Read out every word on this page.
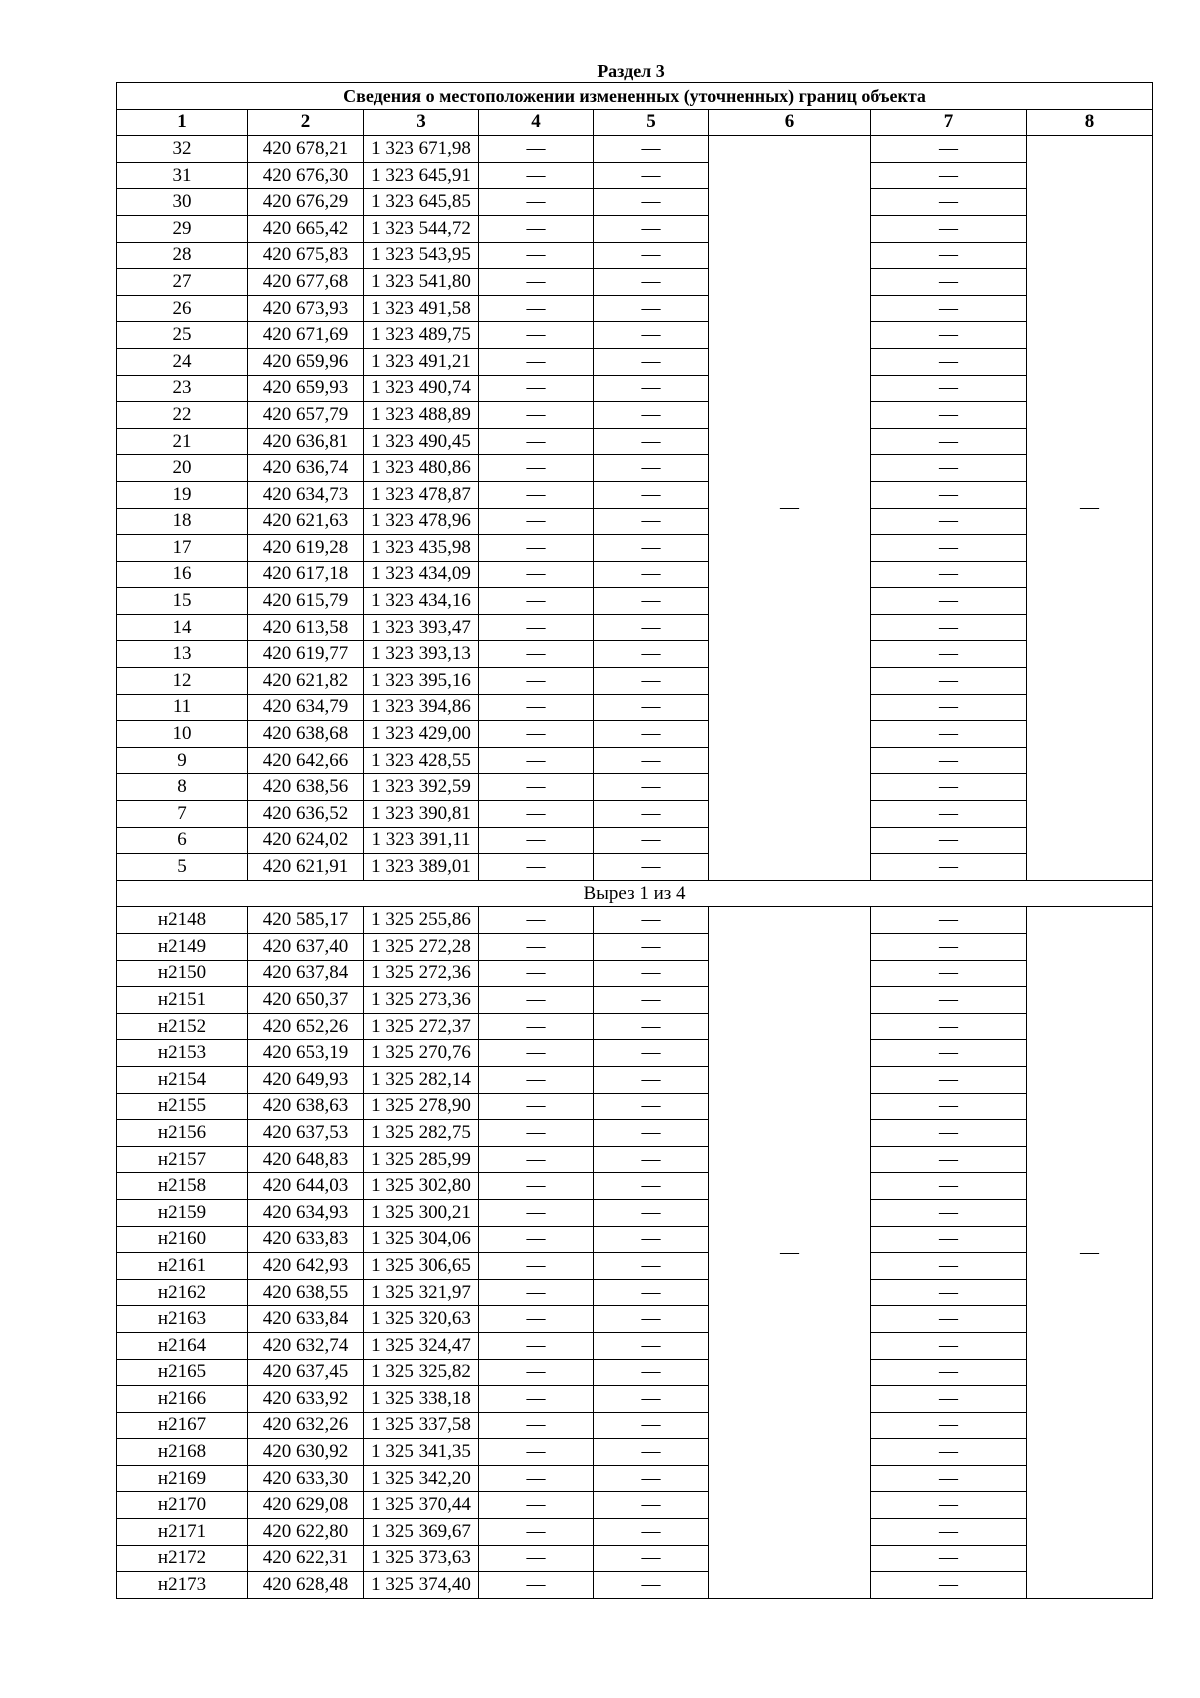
Раздел 3
Сведения о местоположении измененных (уточненных) границ объекта							
1	2	3	4	5	6	7	8
32	420 678,21	1 323 671,98	—	—	—	—	—
31	420 676,30	1 323 645,91	—	—		—	
30	420 676,29	1 323 645,85	—	—		—	
29	420 665,42	1 323 544,72	—	—		—	
28	420 675,83	1 323 543,95	—	—		—	
27	420 677,68	1 323 541,80	—	—		—	
26	420 673,93	1 323 491,58	—	—		—	
25	420 671,69	1 323 489,75	—	—		—	
24	420 659,96	1 323 491,21	—	—		—	
23	420 659,93	1 323 490,74	—	—		—	
22	420 657,79	1 323 488,89	—	—		—	
21	420 636,81	1 323 490,45	—	—		—	
20	420 636,74	1 323 480,86	—	—		—	
19	420 634,73	1 323 478,87	—	—		—	
18	420 621,63	1 323 478,96	—	—		—	
17	420 619,28	1 323 435,98	—	—		—	
16	420 617,18	1 323 434,09	—	—		—	
15	420 615,79	1 323 434,16	—	—		—	
14	420 613,58	1 323 393,47	—	—		—	
13	420 619,77	1 323 393,13	—	—		—	
12	420 621,82	1 323 395,16	—	—		—	
11	420 634,79	1 323 394,86	—	—		—	
10	420 638,68	1 323 429,00	—	—		—	
9	420 642,66	1 323 428,55	—	—		—	
8	420 638,56	1 323 392,59	—	—		—	
7	420 636,52	1 323 390,81	—	—		—	
6	420 624,02	1 323 391,11	—	—		—	
5	420 621,91	1 323 389,01	—	—		—	
Вырез 1 из 4							
н2148	420 585,17	1 325 255,86	—	—	—	—	—
н2149	420 637,40	1 325 272,28	—	—		—	
н2150	420 637,84	1 325 272,36	—	—		—	
н2151	420 650,37	1 325 273,36	—	—		—	
н2152	420 652,26	1 325 272,37	—	—		—	
н2153	420 653,19	1 325 270,76	—	—		—	
н2154	420 649,93	1 325 282,14	—	—		—	
н2155	420 638,63	1 325 278,90	—	—		—	
н2156	420 637,53	1 325 282,75	—	—		—	
н2157	420 648,83	1 325 285,99	—	—		—	
н2158	420 644,03	1 325 302,80	—	—		—	
н2159	420 634,93	1 325 300,21	—	—		—	
н2160	420 633,83	1 325 304,06	—	—		—	
н2161	420 642,93	1 325 306,65	—	—		—	
н2162	420 638,55	1 325 321,97	—	—		—	
н2163	420 633,84	1 325 320,63	—	—		—	
н2164	420 632,74	1 325 324,47	—	—		—	
н2165	420 637,45	1 325 325,82	—	—		—	
н2166	420 633,92	1 325 338,18	—	—		—	
н2167	420 632,26	1 325 337,58	—	—		—	
н2168	420 630,92	1 325 341,35	—	—		—	
н2169	420 633,30	1 325 342,20	—	—		—	
н2170	420 629,08	1 325 370,44	—	—		—	
н2171	420 622,80	1 325 369,67	—	—		—	
н2172	420 622,31	1 325 373,63	—	—		—	
н2173	420 628,48	1 325 374,40	—	—		—	
